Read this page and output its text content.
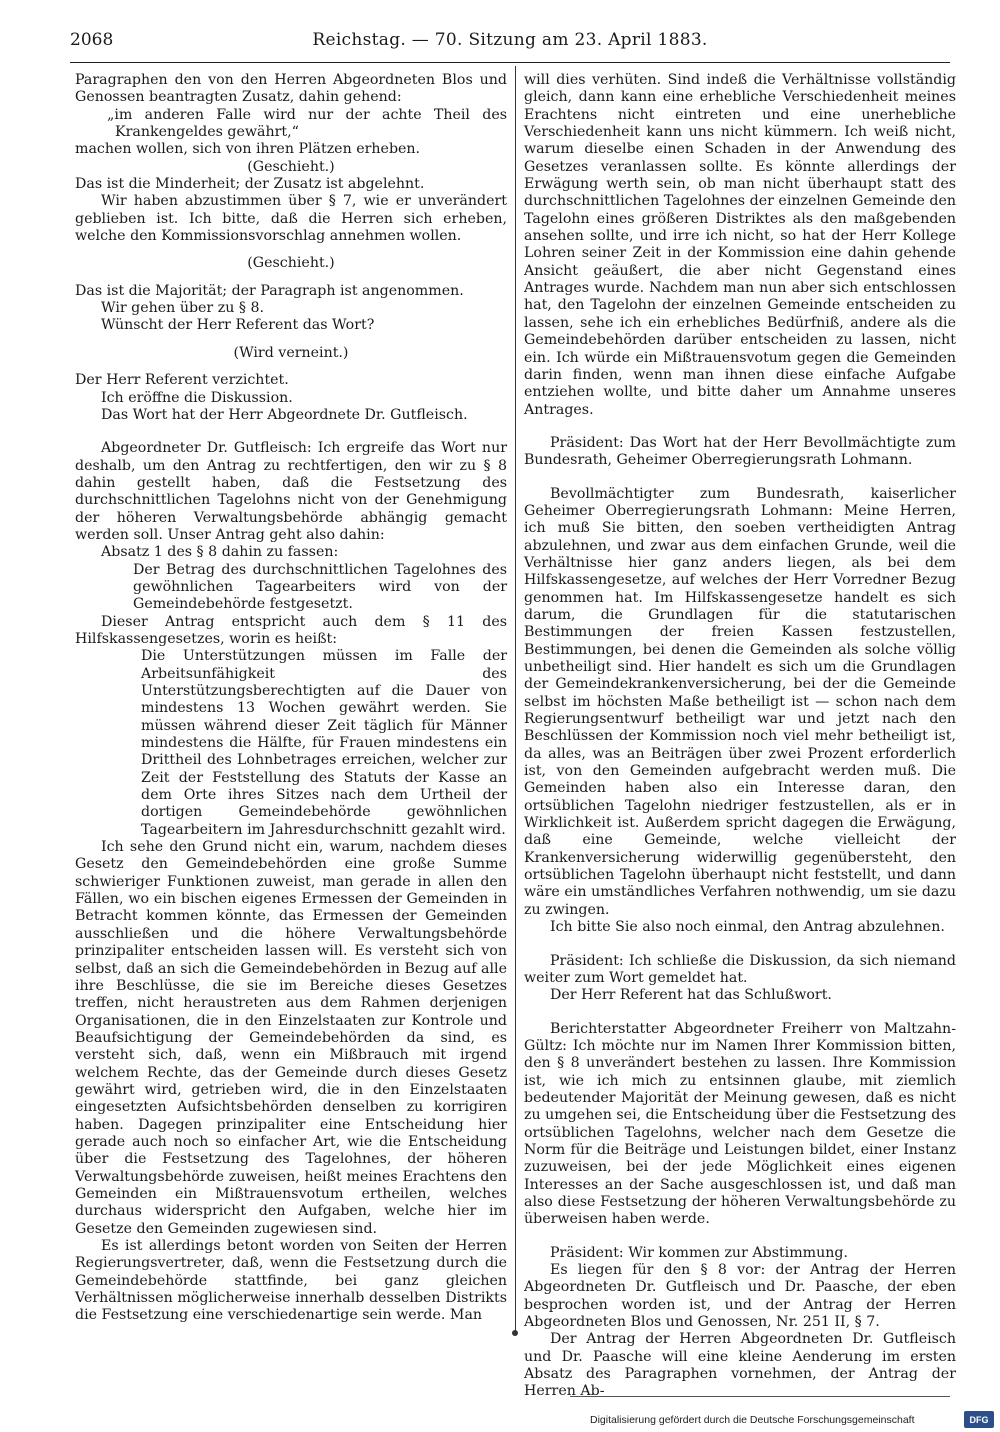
2068	Reichstag. — 70. Sitzung am 23. April 1883.

Paragraphen den von den Herren Abgeordneten Blos und Genossen beantragten Zusatz, dahin gehend:

„im anderen Falle wird nur der achte Theil des Krankengeldes gewährt,“

machen wollen, sich von ihren Plätzen erheben.

(Geschieht.)

Das ist die Minderheit; der Zusatz ist abgelehnt.

Wir haben abzustimmen über § 7, wie er unverändert geblieben ist. Ich bitte, daß die Herren sich erheben, welche den Kommissionsvorschlag annehmen wollen.

(Geschieht.)

Das ist die Majorität; der Paragraph ist angenommen.

Wir gehen über zu § 8.

Wünscht der Herr Referent das Wort?

(Wird verneint.)

Der Herr Referent verzichtet.

Ich eröffne die Diskussion.

Das Wort hat der Herr Abgeordnete Dr. Gutfleisch.

Abgeordneter Dr. Gutfleisch: Ich ergreife das Wort nur deshalb, um den Antrag zu rechtfertigen, den wir zu § 8 dahin gestellt haben, daß die Festsetzung des durchschnittlichen Tagelohns nicht von der Genehmigung der höheren Verwaltungsbehörde abhängig gemacht werden soll. Unser Antrag geht also dahin:

Absatz 1 des § 8 dahin zu fassen:

Der Betrag des durchschnittlichen Tagelohnes des gewöhnlichen Tagearbeiters wird von der Gemeindebehörde festgesetzt.

Dieser Antrag entspricht auch dem § 11 des Hilfskassengesetzes, worin es heißt:

Die Unterstützungen müssen im Falle der Arbeitsunfähigkeit des Unterstützungsberechtigten auf die Dauer von mindestens 13 Wochen gewährt werden. Sie müssen während dieser Zeit täglich für Männer mindestens die Hälfte, für Frauen mindestens ein Drittheil des Lohnbetrages erreichen, welcher zur Zeit der Feststellung des Statuts der Kasse an dem Orte ihres Sitzes nach dem Urtheil der dortigen Gemeindebehörde gewöhnlichen Tagearbeitern im Jahresdurchschnitt gezahlt wird.

Ich sehe den Grund nicht ein, warum, nachdem dieses Gesetz den Gemeindebehörden eine große Summe schwieriger Funktionen zuweist, man gerade in allen den Fällen, wo ein bischen eigenes Ermessen der Gemeinden in Betracht kommen könnte, das Ermessen der Gemeinden ausschließen und die höhere Verwaltungsbehörde prinzipaliter entscheiden lassen will. Es versteht sich von selbst, daß an sich die Gemeindebehörden in Bezug auf alle ihre Beschlüsse, die sie im Bereiche dieses Gesetzes treffen, nicht heraustreten aus dem Rahmen derjenigen Organisationen, die in den Einzelstaaten zur Kontrole und Beaufsichtigung der Gemeindebehörden da sind, es versteht sich, daß, wenn ein Mißbrauch mit irgend welchem Rechte, das der Gemeinde durch dieses Gesetz gewährt wird, getrieben wird, die in den Einzelstaaten eingesetzten Aufsichtsbehörden denselben zu korrigiren haben. Dagegen prinzipaliter eine Entscheidung hier gerade auch noch so einfacher Art, wie die Entscheidung über die Festsetzung des Tagelohnes, der höheren Verwaltungsbehörde zuweisen, heißt meines Erachtens den Gemeinden ein Mißtrauensvotum ertheilen, welches durchaus widerspricht den Aufgaben, welche hier im Gesetze den Gemeinden zugewiesen sind.

Es ist allerdings betont worden von Seiten der Herren Regierungsvertreter, daß, wenn die Festsetzung durch die Gemeindebehörde stattfinde, bei ganz gleichen Verhältnissen möglicherweise innerhalb desselben Distrikts die Festsetzung eine verschiedenartige sein werde. Man

will dies verhüten. Sind indeß die Verhältnisse vollständig gleich, dann kann eine erhebliche Verschiedenheit meines Erachtens nicht eintreten und eine unerhebliche Verschiedenheit kann uns nicht kümmern. Ich weiß nicht, warum dieselbe einen Schaden in der Anwendung des Gesetzes veranlassen sollte. Es könnte allerdings der Erwägung werth sein, ob man nicht überhaupt statt des durchschnittlichen Tagelohnes der einzelnen Gemeinde den Tagelohn eines größeren Distriktes als den maßgebenden ansehen sollte, und irre ich nicht, so hat der Herr Kollege Lohren seiner Zeit in der Kommission eine dahin gehende Ansicht geäußert, die aber nicht Gegenstand eines Antrages wurde. Nachdem man nun aber sich entschlossen hat, den Tagelohn der einzelnen Gemeinde entscheiden zu lassen, sehe ich ein erhebliches Bedürfniß, andere als die Gemeindebehörden darüber entscheiden zu lassen, nicht ein. Ich würde ein Mißtrauensvotum gegen die Gemeinden darin finden, wenn man ihnen diese einfache Aufgabe entziehen wollte, und bitte daher um Annahme unseres Antrages.

Präsident: Das Wort hat der Herr Bevollmächtigte zum Bundesrath, Geheimer Oberregierungsrath Lohmann.

Bevollmächtigter zum Bundesrath, kaiserlicher Geheimer Oberregierungsrath Lohmann: Meine Herren, ich muß Sie bitten, den soeben vertheidigten Antrag abzulehnen, und zwar aus dem einfachen Grunde, weil die Verhältnisse hier ganz anders liegen, als bei dem Hilfskassengesetze, auf welches der Herr Vorredner Bezug genommen hat. Im Hilfskassengesetze handelt es sich darum, die Grundlagen für die statutarischen Bestimmungen der freien Kassen festzustellen, Bestimmungen, bei denen die Gemeinden als solche völlig unbetheiligt sind. Hier handelt es sich um die Grundlagen der Gemeindekrankenversicherung, bei der die Gemeinde selbst im höchsten Maße betheiligt ist — schon nach dem Regierungsentwurf betheiligt war und jetzt nach den Beschlüssen der Kommission noch viel mehr betheiligt ist, da alles, was an Beiträgen über zwei Prozent erforderlich ist, von den Gemeinden aufgebracht werden muß. Die Gemeinden haben also ein Interesse daran, den ortsüblichen Tagelohn niedriger festzustellen, als er in Wirklichkeit ist. Außerdem spricht dagegen die Erwägung, daß eine Gemeinde, welche vielleicht der Krankenversicherung widerwillig gegenübersteht, den ortsüblichen Tagelohn überhaupt nicht feststellt, und dann wäre ein umständliches Verfahren nothwendig, um sie dazu zu zwingen.

Ich bitte Sie also noch einmal, den Antrag abzulehnen.

Präsident: Ich schließe die Diskussion, da sich niemand weiter zum Wort gemeldet hat.

Der Herr Referent hat das Schlußwort.

Berichterstatter Abgeordneter Freiherr von Maltzahn-Gültz: Ich möchte nur im Namen Ihrer Kommission bitten, den § 8 unverändert bestehen zu lassen. Ihre Kommission ist, wie ich mich zu entsinnen glaube, mit ziemlich bedeutender Majorität der Meinung gewesen, daß es nicht zu umgehen sei, die Entscheidung über die Festsetzung des ortsüblichen Tagelohns, welcher nach dem Gesetze die Norm für die Beiträge und Leistungen bildet, einer Instanz zuzuweisen, bei der jede Möglichkeit eines eigenen Interesses an der Sache ausgeschlossen ist, und daß man also diese Festsetzung der höheren Verwaltungsbehörde zu überweisen haben werde.

Präsident: Wir kommen zur Abstimmung.

Es liegen für den § 8 vor: der Antrag der Herren Abgeordneten Dr. Gutfleisch und Dr. Paasche, der eben besprochen worden ist, und der Antrag der Herren Abgeordneten Blos und Genossen, Nr. 251 II, § 7.

Der Antrag der Herren Abgeordneten Dr. Gutfleisch und Dr. Paasche will eine kleine Aenderung im ersten Absatz des Paragraphen vornehmen, der Antrag der Herren Ab-

Digitalisierung gefördert durch die Deutsche Forschungsgemeinschaft	DFG
